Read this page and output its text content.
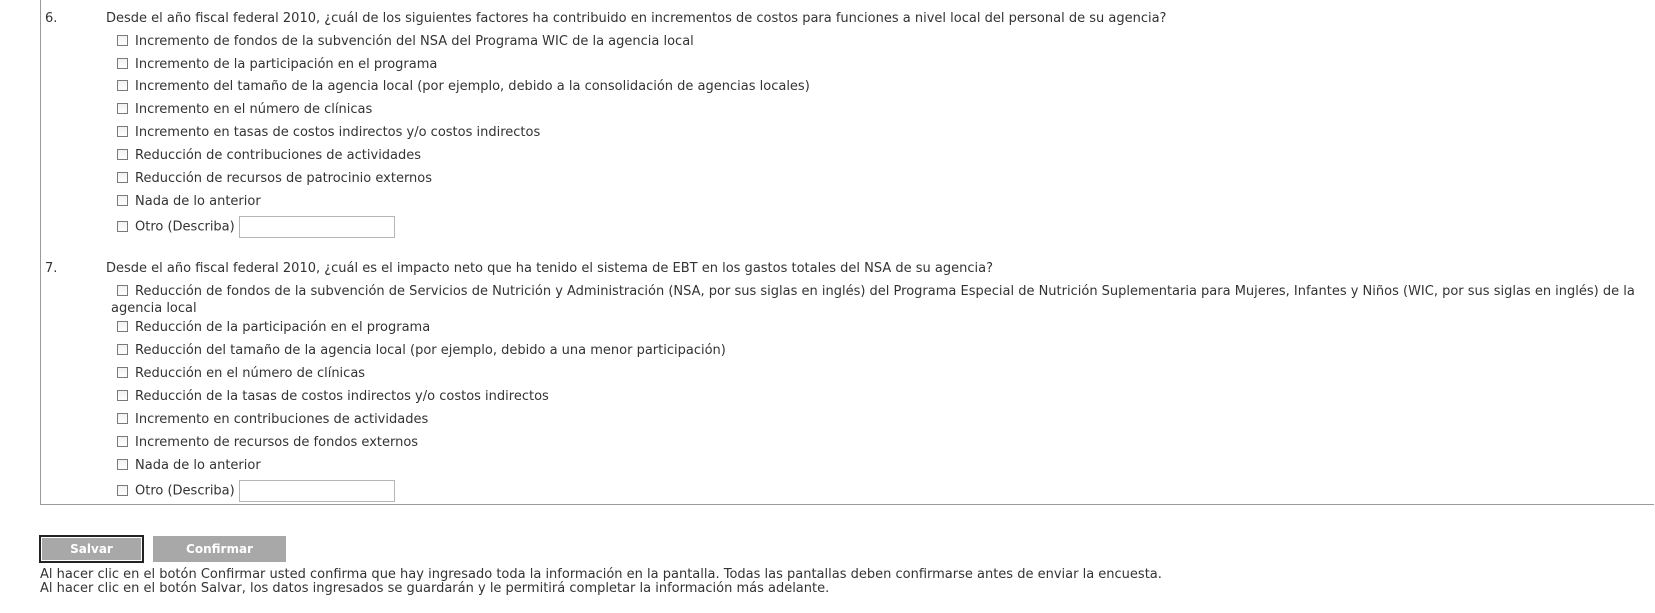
6.	Desde el año fiscal federal 2010, ¿cuál de los siguientes factores ha contribuido en incrementos de costos para funciones a nivel local del personal de su agencia?
Incremento de fondos de la subvención del NSA del Programa WIC de la agencia local
Incremento de la participación en el programa
Incremento del tamaño de la agencia local (por ejemplo, debido a la consolidación de agencias locales)
Incremento en el número de clínicas
Incremento en tasas de costos indirectos y/o costos indirectos
Reducción de contribuciones de actividades
Reducción de recursos de patrocinio externos
Nada de lo anterior
Otro (Describa)
7.	Desde el año fiscal federal 2010, ¿cuál es el impacto neto que ha tenido el sistema de EBT en los gastos totales del NSA de su agencia?
Reducción de fondos de la subvención de Servicios de Nutrición y Administración (NSA, por sus siglas en inglés) del Programa Especial de Nutrición Suplementaria para Mujeres, Infantes y Niños (WIC, por sus siglas en inglés) de la agencia local
Reducción de la participación en el programa
Reducción del tamaño de la agencia local (por ejemplo, debido a una menor participación)
Reducción en el número de clínicas
Reducción de la tasas de costos indirectos y/o costos indirectos
Incremento en contribuciones de actividades
Incremento de recursos de fondos externos
Nada de lo anterior
Otro (Describa)
Salvar	Confirmar
Al hacer clic en el botón Confirmar usted confirma que hay ingresado toda la información en la pantalla. Todas las pantallas deben confirmarse antes de enviar la encuesta.
Al hacer clic en el botón Salvar, los datos ingresados se guardarán y le permitirá completar la información más adelante.
